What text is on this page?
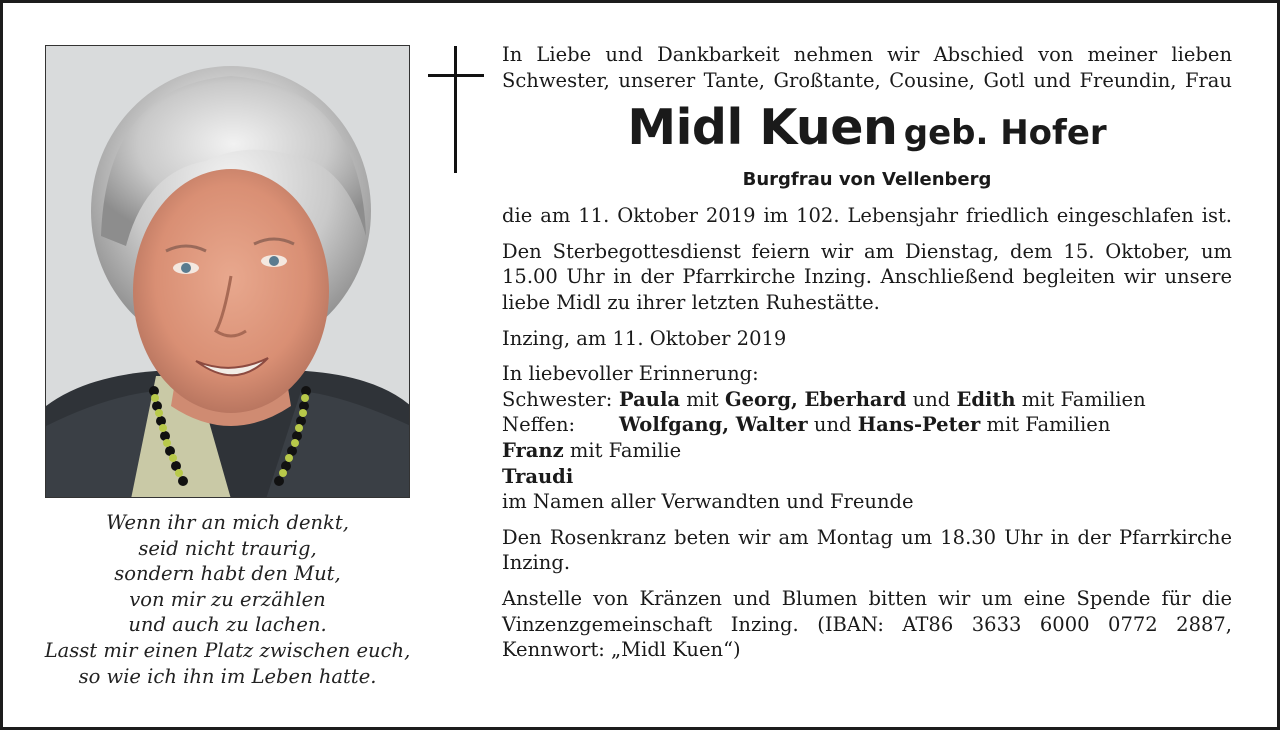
Wenn ihr an mich denkt,
seid nicht traurig,
sondern habt den Mut,
von mir zu erzählen
und auch zu lachen.
Lasst mir einen Platz zwischen euch,
so wie ich ihn im Leben hatte.
In Liebe und Dankbarkeit nehmen wir Abschied von meiner lieben
Schwester, unserer Tante, Großtante, Cousine, Gotl und Freundin, Frau
Midl Kuen geb. Hofer
Burgfrau von Vellenberg
die am 11. Oktober 2019 im 102. Lebensjahr friedlich eingeschlafen ist.
Den Sterbegottesdienst feiern wir am Dienstag, dem 15. Oktober, um
15.00 Uhr in der Pfarrkirche Inzing. Anschließend begleiten wir unsere
liebe Midl zu ihrer letzten Ruhestätte.
Inzing, am 11. Oktober 2019
In liebevoller Erinnerung:
Schwester: Paula mit Georg, Eberhard und Edith mit Familien
Neffen:	Wolfgang, Walter und Hans-Peter mit Familien
Franz mit Familie
Traudi
im Namen aller Verwandten und Freunde
Den Rosenkranz beten wir am Montag um 18.30 Uhr in der Pfarrkirche
Inzing.
Anstelle von Kränzen und Blumen bitten wir um eine Spende für die
Vinzenzgemeinschaft Inzing. (IBAN: AT86 3633 6000 0772 2887,
Kennwort: „Midl Kuen“)
